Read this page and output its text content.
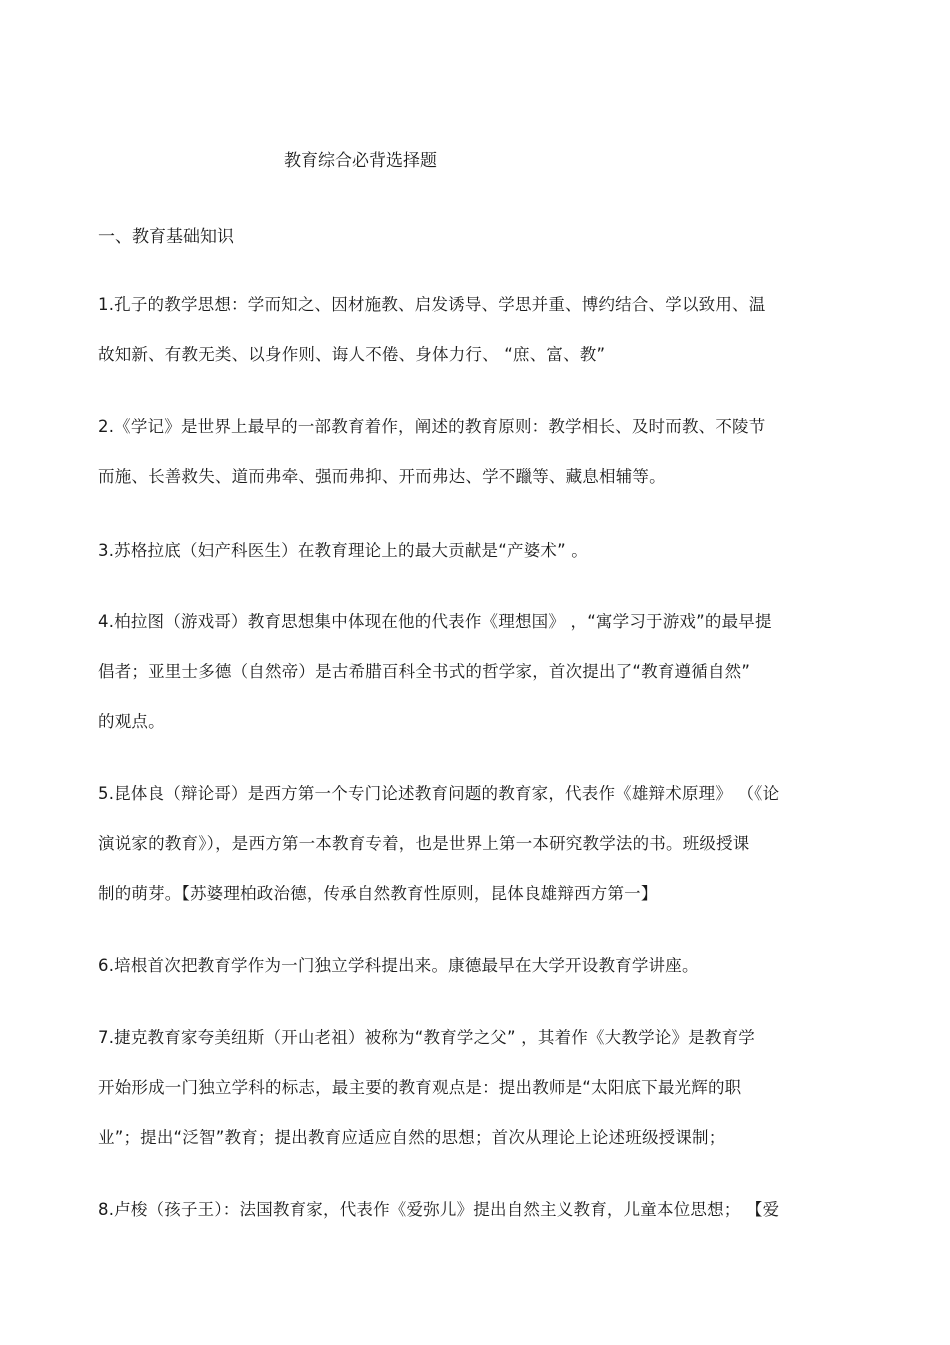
教育综合必背选择题
一、教育基础知识
1.孔子的教学思想：学而知之、因材施教、启发诱导、学思并重、博约结合、学以致用、温
故知新、有教无类、以身作则、诲人不倦、身体力行、 “庶、富、教”
2.《学记》是世界上最早的一部教育着作，阐述的教育原则：教学相长、及时而教、不陵节
而施、长善救失、道而弗牵、强而弗抑、开而弗达、学不躐等、藏息相辅等。
3.苏格拉底（妇产科医生）在教育理论上的最大贡献是“产婆术” 。
4.柏拉图（游戏哥）教育思想集中体现在他的代表作《理想国》 ，“寓学习于游戏”的最早提
倡者；亚里士多德（自然帝）是古希腊百科全书式的哲学家，首次提出了“教育遵循自然”
的观点。
5.昆体良（辩论哥）是西方第一个专门论述教育问题的教育家，代表作《雄辩术原理》 （《论
演说家的教育》），是西方第一本教育专着，也是世界上第一本研究教学法的书。班级授课
制的萌芽。【苏婆理柏政治德，传承自然教育性原则，昆体良雄辩西方第一】
6.培根首次把教育学作为一门独立学科提出来。康德最早在大学开设教育学讲座。
7.捷克教育家夸美纽斯（开山老祖）被称为“教育学之父” ，其着作《大教学论》是教育学
开始形成一门独立学科的标志，最主要的教育观点是：提出教师是“太阳底下最光辉的职
业”；提出“泛智”教育；提出教育应适应自然的思想；首次从理论上论述班级授课制；
8.卢梭（孩子王）：法国教育家，代表作《爱弥儿》提出自然主义教育，儿童本位思想； 【爱
